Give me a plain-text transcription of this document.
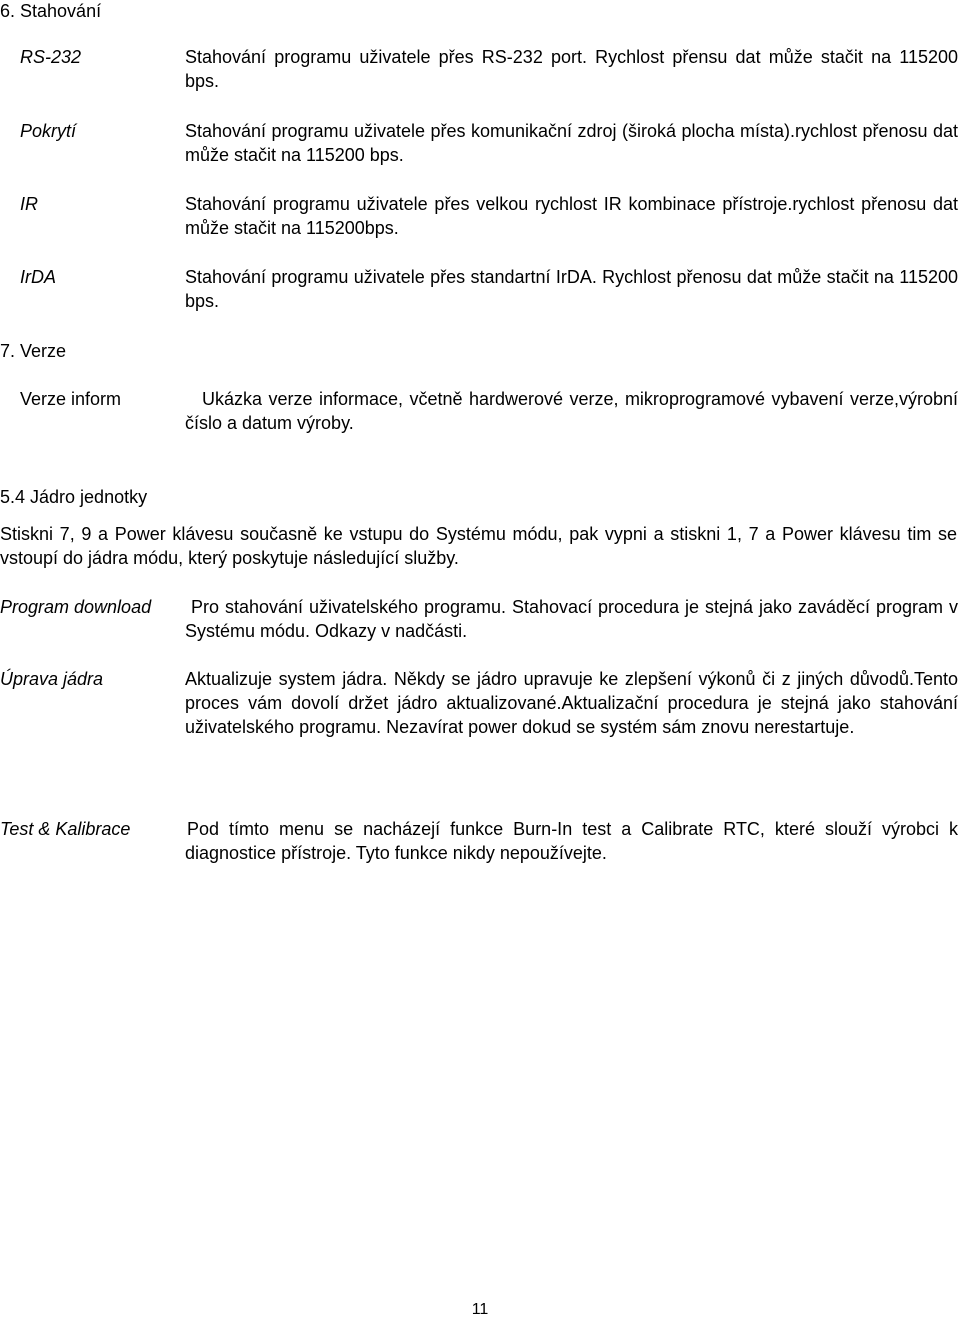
6. Stahování
RS-232	Stahování programu uživatele přes RS-232 port. Rychlost přensu dat může stačit na 115200 bps.
Pokrytí	Stahování programu uživatele přes komunikační zdroj (široká plocha místa).rychlost přenosu dat může stačit na 115200 bps.
IR	Stahování programu uživatele přes velkou rychlost IR kombinace přístroje.rychlost přenosu dat může stačit na 115200bps.
IrDA	Stahování programu uživatele přes standartní IrDA. Rychlost přenosu dat může stačit na 115200 bps.
7. Verze
Verze inform	Ukázka verze informace, včetně hardwerové verze, mikroprogramové vybavení verze,výrobní číslo a datum výroby.
5.4 Jádro jednotky
Stiskni 7, 9 a Power klávesu současně ke vstupu do Systému módu, pak vypni a stiskni 1, 7 a Power klávesu tim se vstoupí do jádra módu, který poskytuje následující služby.
Program download	Pro stahování uživatelského programu. Stahovací procedura je stejná jako zaváděcí program v Systému módu. Odkazy v nadčásti.
Úprava jádra	Aktualizuje system jádra. Někdy se jádro upravuje ke zlepšení výkonů či z jiných důvodů.Tento proces vám dovolí držet jádro aktualizované.Aktualizační procedura je stejná jako stahování uživatelského programu. Nezavírat power dokud se systém sám znovu nerestartuje.
Test & Kalibrace	Pod tímto menu se nacházejí funkce Burn-In test a Calibrate RTC, které slouží výrobci k diagnostice přístroje. Tyto funkce nikdy nepoužívejte.
11
